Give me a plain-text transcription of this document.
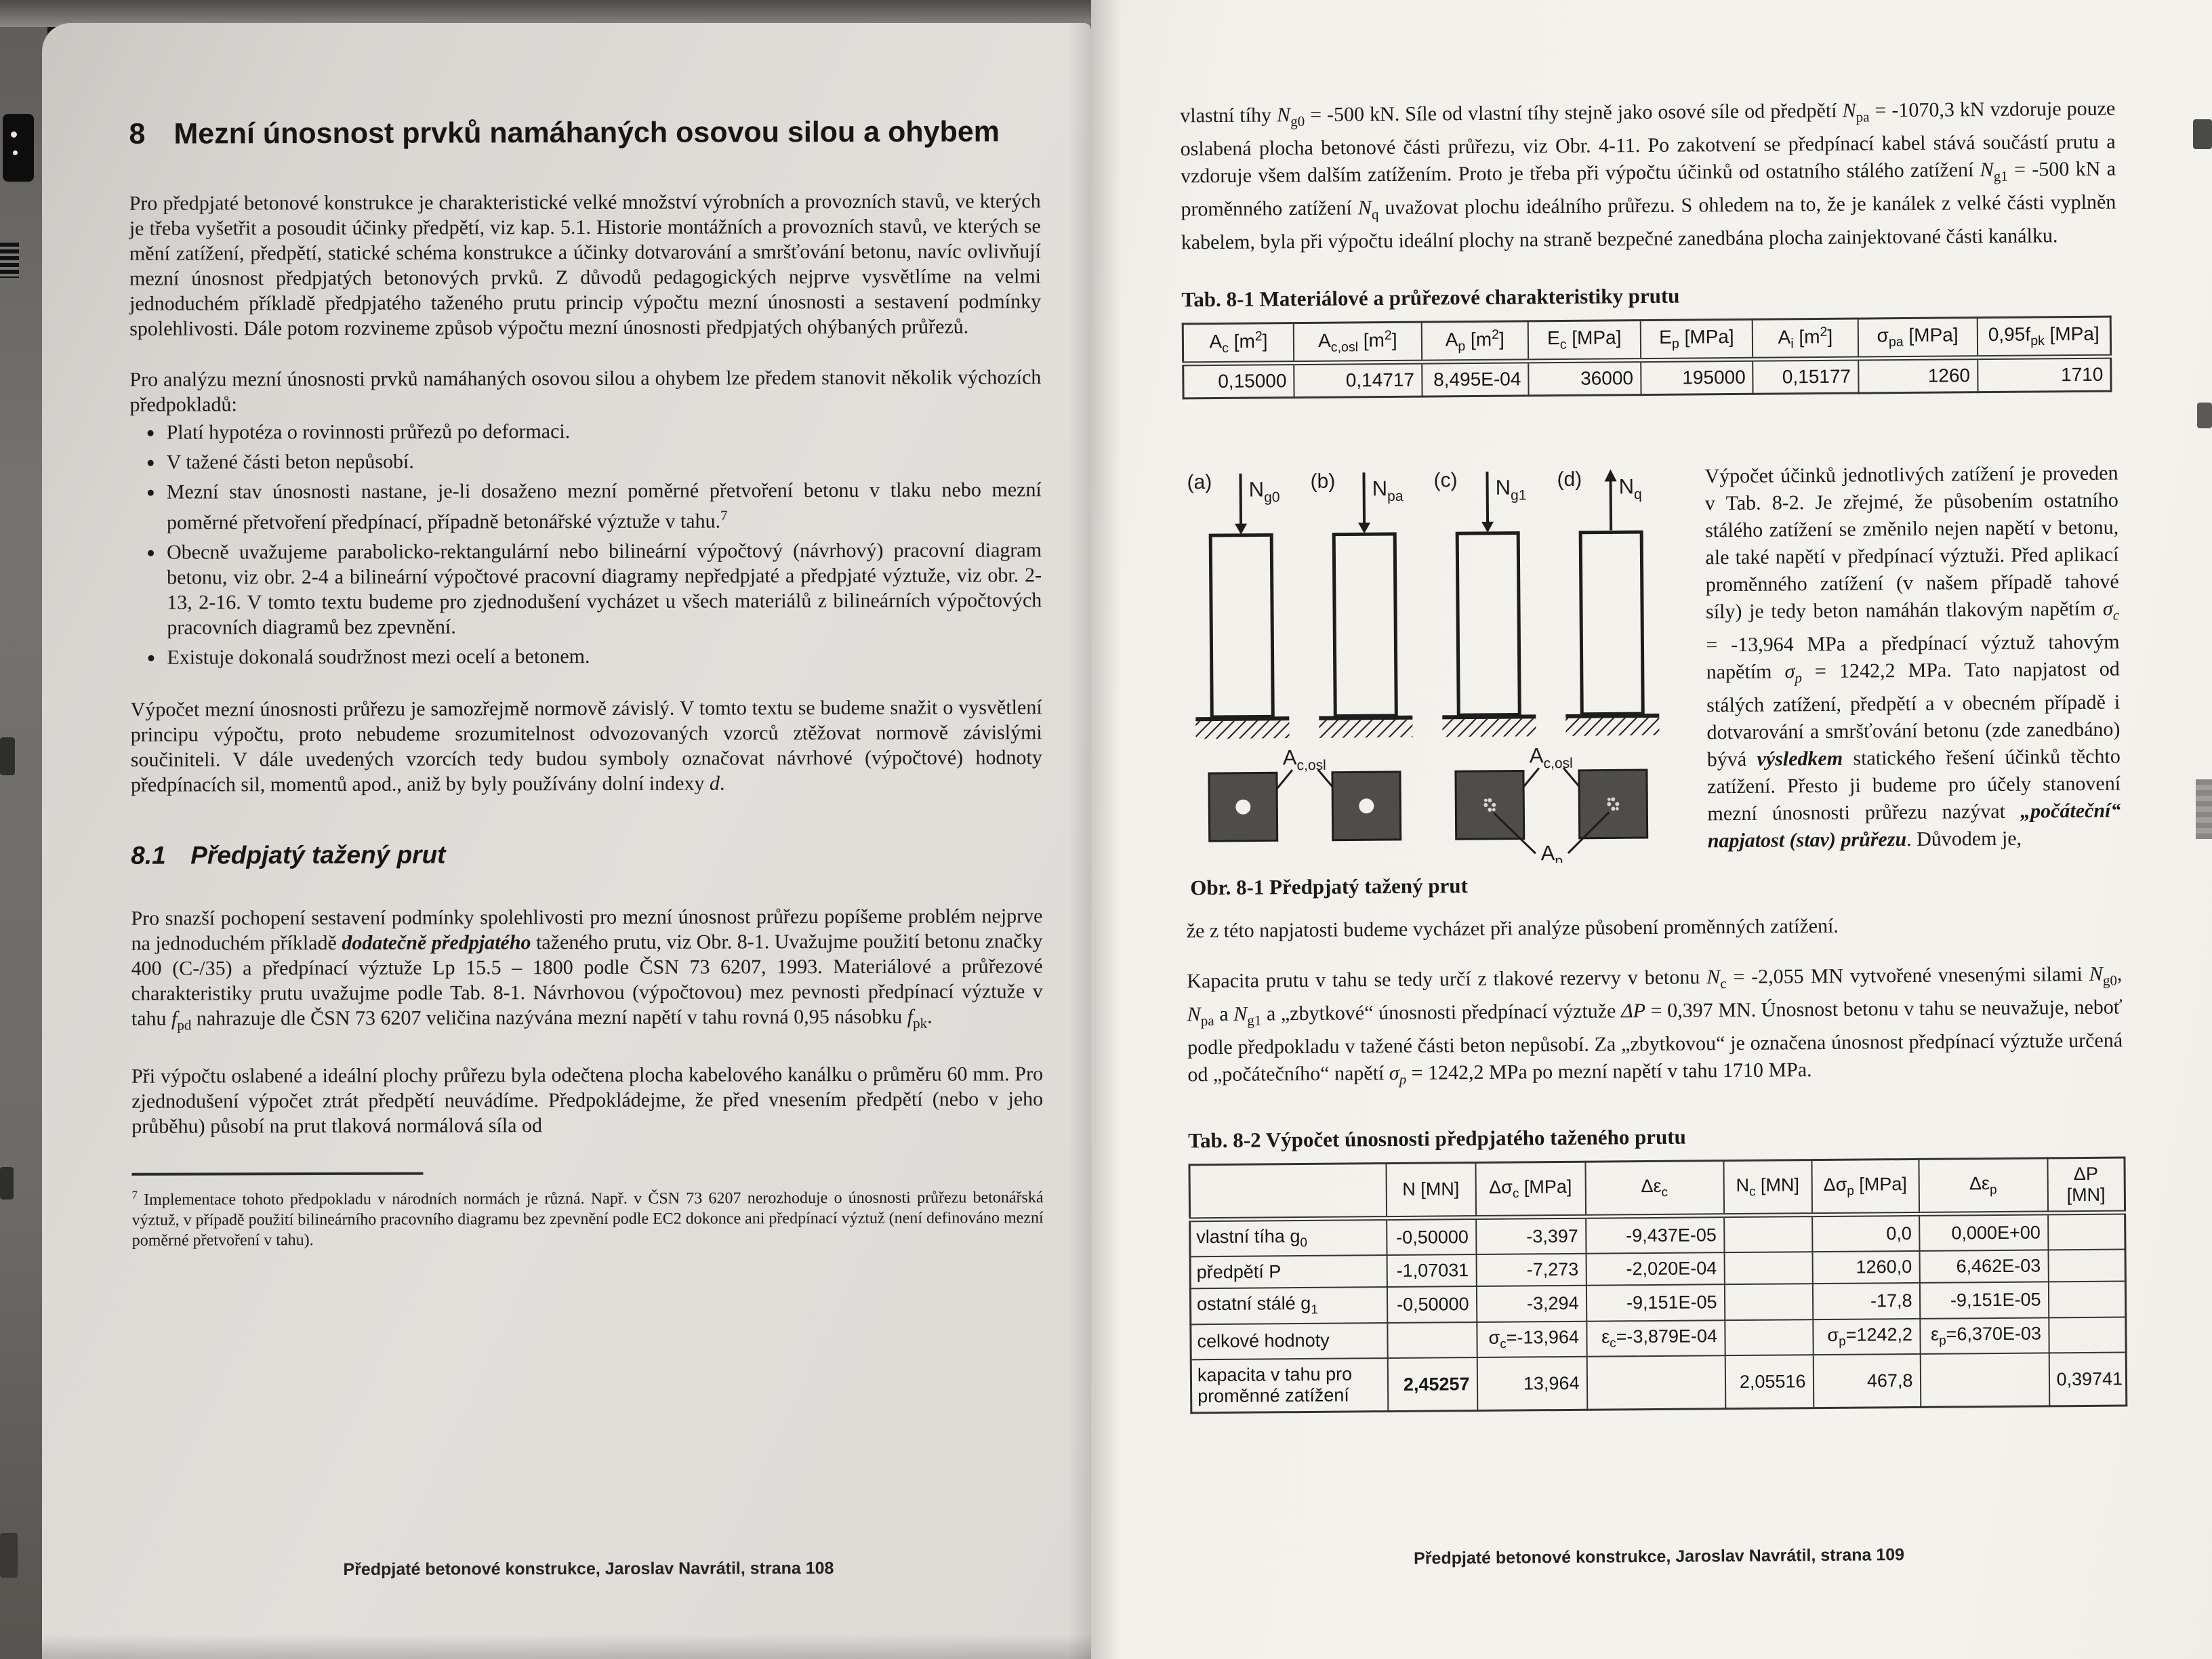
8 Mezní únosnost prvků namáhaných osovou silou a ohybem

Pro předpjaté betonové konstrukce je charakteristické velké množství výrobních a provozních stavů, ve kterých je třeba vyšetřit a posoudit účinky předpětí, viz kap. 5.1. Historie montážních a provozních stavů, ve kterých se mění zatížení, předpětí, statické schéma konstrukce a účinky dotvarování a smršťování betonu, navíc ovlivňují mezní únosnost předpjatých betonových prvků. Z důvodů pedagogických nejprve vysvětlíme na velmi jednoduchém příkladě předpjatého taženého prutu princip výpočtu mezní únosnosti a sestavení podmínky spolehlivosti. Dále potom rozvineme způsob výpočtu mezní únosnosti předpjatých ohýbaných průřezů.

Pro analýzu mezní únosnosti prvků namáhaných osovou silou a ohybem lze předem stanovit několik výchozích předpokladů:

• Platí hypotéza o rovinnosti průřezů po deformaci.
• V tažené části beton nepůsobí.
• Mezní stav únosnosti nastane, je-li dosaženo mezní poměrné přetvoření betonu v tlaku nebo mezní poměrné přetvoření předpínací, případně betonářské výztuže v tahu.$^7$
• Obecně uvažujeme parabolicko-rektangulární nebo bilineární výpočtový (návrhový) pracovní diagram betonu, viz obr. 2-4 a bilineární výpočtové pracovní diagramy nepředpjaté a předpjaté výztuže, viz obr. 2-13, 2-16. V tomto textu budeme pro zjednodušení vycházet u všech materiálů z bilineárních výpočtových pracovních diagramů bez zpevnění.
• Existuje dokonalá soudržnost mezi ocelí a betonem.

Výpočet mezní únosnosti průřezu je samozřejmě normově závislý. V tomto textu se budeme snažit o vysvětlení principu výpočtu, proto nebudeme srozumitelnost odvozovaných vzorců ztěžovat normově závislými součiniteli. V dále uvedených vzorcích tedy budou symboly označovat návrhové (výpočtové) hodnoty předpínacích sil, momentů apod., aniž by byly používány dolní indexy d.

8.1 Předpjatý tažený prut

Pro snazší pochopení sestavení podmínky spolehlivosti pro mezní únosnost průřezu popíšeme problém nejprve na jednoduchém příkladě dodatečně předpjatého taženého prutu, viz Obr. 8-1. Uvažujme použití betonu značky 400 (C-/35) a předpínací výztuže Lp 15.5 – 1800 podle ČSN 73 6207, 1993. Materiálové a průřezové charakteristiky prutu uvažujme podle Tab. 8-1. Návrhovou (výpočtovou) mez pevnosti předpínací výztuže v tahu $f_{pd}$ nahrazuje dle ČSN 73 6207 veličina nazývána mezní napětí v tahu rovná 0,95 násobku $f_{pk}$.

Při výpočtu oslabené a ideální plochy průřezu byla odečtena plocha kabelového kanálku o průměru 60 mm. Pro zjednodušení výpočet ztrát předpětí neuvádíme. Předpokládejme, že před vnesením předpětí (nebo v jeho průběhu) působí na prut tlaková normálová síla od

$^7$ Implementace tohoto předpokladu v národních normách je různá. Např. v ČSN 73 6207 nerozhoduje o únosnosti průřezu betonářská výztuž, v případě použití bilineárního pracovního diagramu bez zpevnění podle EC2 dokonce ani předpínací výztuž (není definováno mezní poměrné přetvoření v tahu).

Předpjaté betonové konstrukce, Jaroslav Navrátil, strana 108

vlastní tíhy $N_{g0} = -500$ kN. Síle od vlastní tíhy stejně jako osové síle od předpětí $N_{pa} = -1070,3$ kN vzdoruje pouze oslabená plocha betonové části průřezu, viz Obr. 4-11. Po zakotvení se předpínací kabel stává součástí prutu a vzdoruje všem dalším zatížením. Proto je třeba při výpočtu účinků od ostatního stálého zatížení $N_{g1} = -500$ kN a proměnného zatížení $N_q$ uvažovat plochu ideálního průřezu. S ohledem na to, že je kanálek z velké části vyplněn kabelem, byla při výpočtu ideální plochy na straně bezpečné zanedbána plocha zainjektované části kanálku.

Tab. 8-1 Materiálové a průřezové charakteristiky prutu

$A_c$ $[m^2]$	$A_{c,osl}$ $[m^2]$	$A_p$ $[m^2]$	$E_c$ [MPa]	$E_p$ [MPa]	$A_i$ $[m^2]$	$\sigma_{pa}$ [MPa]	$0,95f_{pk}$ [MPa]
0,15000	0,14717	8,495E-04	36000	195000	0,15177	1260	1710
(a) $N_{g0}$
(b) $N_{pa}$
(c) $N_{g1}$
(d) $N_q$
$A_{c,osl}$	$A_{c,osl}$
$A_p$

Obr. 8-1 Předpjatý tažený prut

Výpočet účinků jednotlivých zatížení je proveden v Tab. 8-2. Je zřejmé, že působením ostatního stálého zatížení se změnilo nejen napětí v betonu, ale také napětí v předpínací výztuži. Před aplikací proměnného zatížení (v našem případě tahové síly) je tedy beton namáhán tlakovým napětím $\sigma_c = -13,964$ MPa a předpínací výztuž tahovým napětím $\sigma_p = 1242,2$ MPa. Tato napjatost od stálých zatížení, předpětí a v obecném případě i dotvarování a smršťování betonu (zde zanedbáno) bývá výsledkem statického řešení účinků těchto zatížení. Přesto ji budeme pro účely stanovení mezní únosnosti průřezu nazývat „počáteční“ napjatost (stav) průřezu. Důvodem je,

že z této napjatosti budeme vycházet při analýze působení proměnných zatížení.

Kapacita prutu v tahu se tedy určí z tlakové rezervy v betonu $N_c = -2,055$ MN vytvořené vnesenými silami $N_{g0}$, $N_{pa}$ a $N_{g1}$ a „zbytkové“ únosnosti předpínací výztuže ΔP = 0,397 MN. Únosnost betonu v tahu se neuvažuje, neboť podle předpokladu v tažené části beton nepůsobí. Za „zbytkovou“ je označena únosnost předpínací výztuže určená od „počátečního“ napětí $\sigma_p = 1242,2$ MPa po mezní napětí v tahu 1710 MPa.

Tab. 8-2 Výpočet únosnosti předpjatého taženého prutu

	N [MN]	$\Delta\sigma_c$ [MPa]	$\Delta\varepsilon_c$	$N_c$ [MN]	$\Delta\sigma_p$ [MPa]	$\Delta\varepsilon_p$	ΔP [MN]
vlastní tíha $g_0$	-0,50000	-3,397	-9,437E-05		0,0	0,000E+00	
předpětí P	-1,07031	-7,273	-2,020E-04		1260,0	6,462E-03	
ostatní stálé $g_1$	-0,50000	-3,294	-9,151E-05		-17,8	-9,151E-05	
celkové hodnoty		$\sigma_c=-13,964$	$\varepsilon_c=-3,879E-04$		$\sigma_p=1242,2$	$\varepsilon_p=6,370E-03$	
kapacita v tahu pro proměnné zatížení	2,45257	13,964		2,05516	467,8		0,39741
Předpjaté betonové konstrukce, Jaroslav Navrátil, strana 109
